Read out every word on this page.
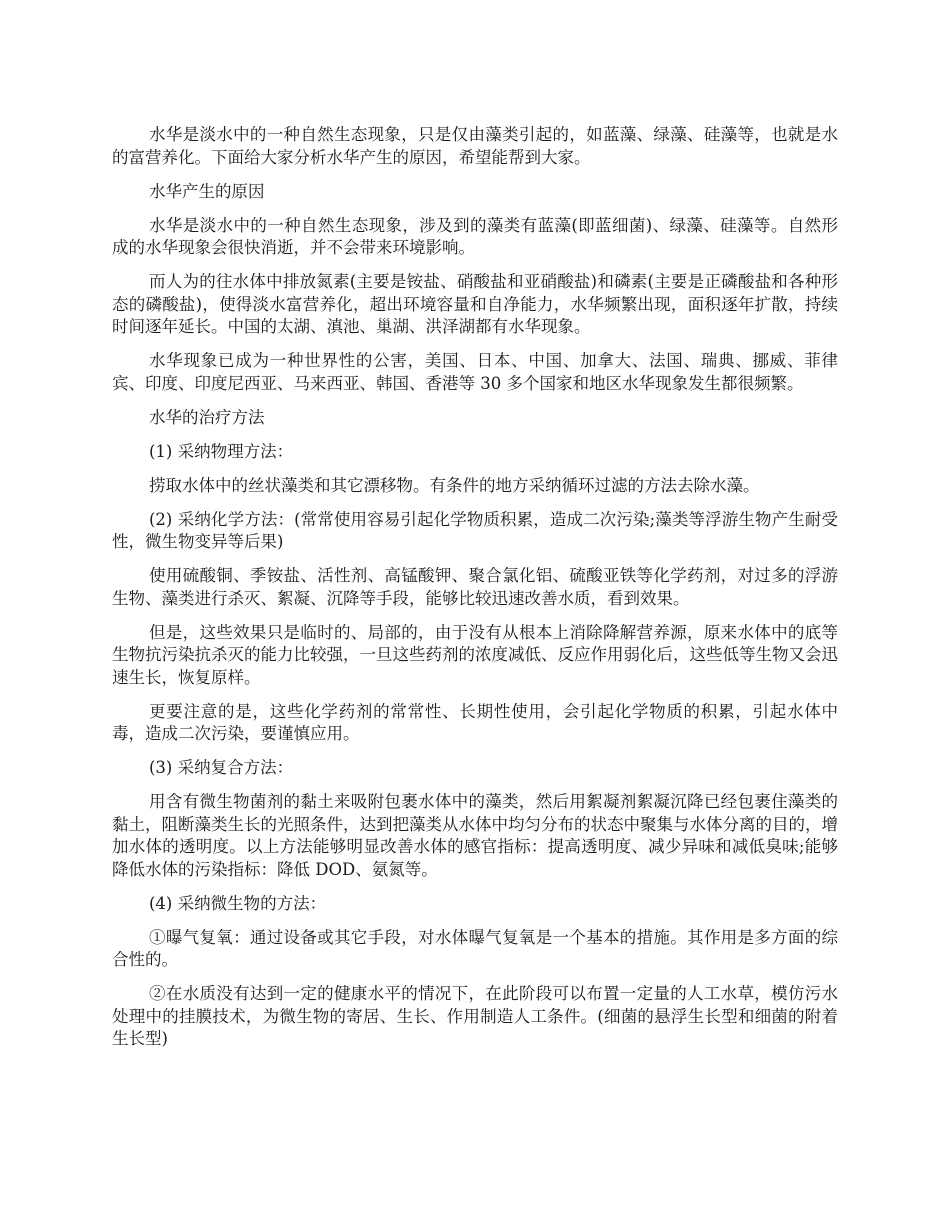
水华是淡水中的一种自然生态现象，只是仅由藻类引起的，如蓝藻、绿藻、硅藻等，也就是水的富营养化。下面给大家分析水华产生的原因，希望能帮到大家。

水华产生的原因

水华是淡水中的一种自然生态现象，涉及到的藻类有蓝藻(即蓝细菌)、绿藻、硅藻等。自然形成的水华现象会很快消逝，并不会带来环境影响。

而人为的往水体中排放氮素(主要是铵盐、硝酸盐和亚硝酸盐)和磷素(主要是正磷酸盐和各种形态的磷酸盐)，使得淡水富营养化，超出环境容量和自净能力，水华频繁出现，面积逐年扩散，持续时间逐年延长。中国的太湖、滇池、巢湖、洪泽湖都有水华现象。

水华现象已成为一种世界性的公害，美国、日本、中国、加拿大、法国、瑞典、挪威、菲律宾、印度、印度尼西亚、马来西亚、韩国、香港等 30 多个国家和地区水华现象发生都很频繁。

水华的治疗方法

(1) 采纳物理方法：

捞取水体中的丝状藻类和其它漂移物。有条件的地方采纳循环过滤的方法去除水藻。

(2) 采纳化学方法：(常常使用容易引起化学物质积累，造成二次污染;藻类等浮游生物产生耐受性，微生物变异等后果)

使用硫酸铜、季铵盐、活性剂、高锰酸钾、聚合氯化铝、硫酸亚铁等化学药剂，对过多的浮游生物、藻类进行杀灭、絮凝、沉降等手段，能够比较迅速改善水质，看到效果。

但是，这些效果只是临时的、局部的，由于没有从根本上消除降解营养源，原来水体中的底等生物抗污染抗杀灭的能力比较强，一旦这些药剂的浓度减低、反应作用弱化后，这些低等生物又会迅速生长，恢复原样。

更要注意的是，这些化学药剂的常常性、长期性使用，会引起化学物质的积累，引起水体中毒，造成二次污染，要谨慎应用。

(3) 采纳复合方法：

用含有微生物菌剂的黏土来吸附包裹水体中的藻类，然后用絮凝剂絮凝沉降已经包裹住藻类的黏土，阻断藻类生长的光照条件，达到把藻类从水体中均匀分布的状态中聚集与水体分离的目的，增加水体的透明度。以上方法能够明显改善水体的感官指标：提高透明度、减少异味和减低臭味;能够降低水体的污染指标：降低 DOD、氨氮等。

(4) 采纳微生物的方法：

①曝气复氧：通过设备或其它手段，对水体曝气复氧是一个基本的措施。其作用是多方面的综合性的。

②在水质没有达到一定的健康水平的情况下，在此阶段可以布置一定量的人工水草，模仿污水处理中的挂膜技术，为微生物的寄居、生长、作用制造人工条件。(细菌的悬浮生长型和细菌的附着生长型)
